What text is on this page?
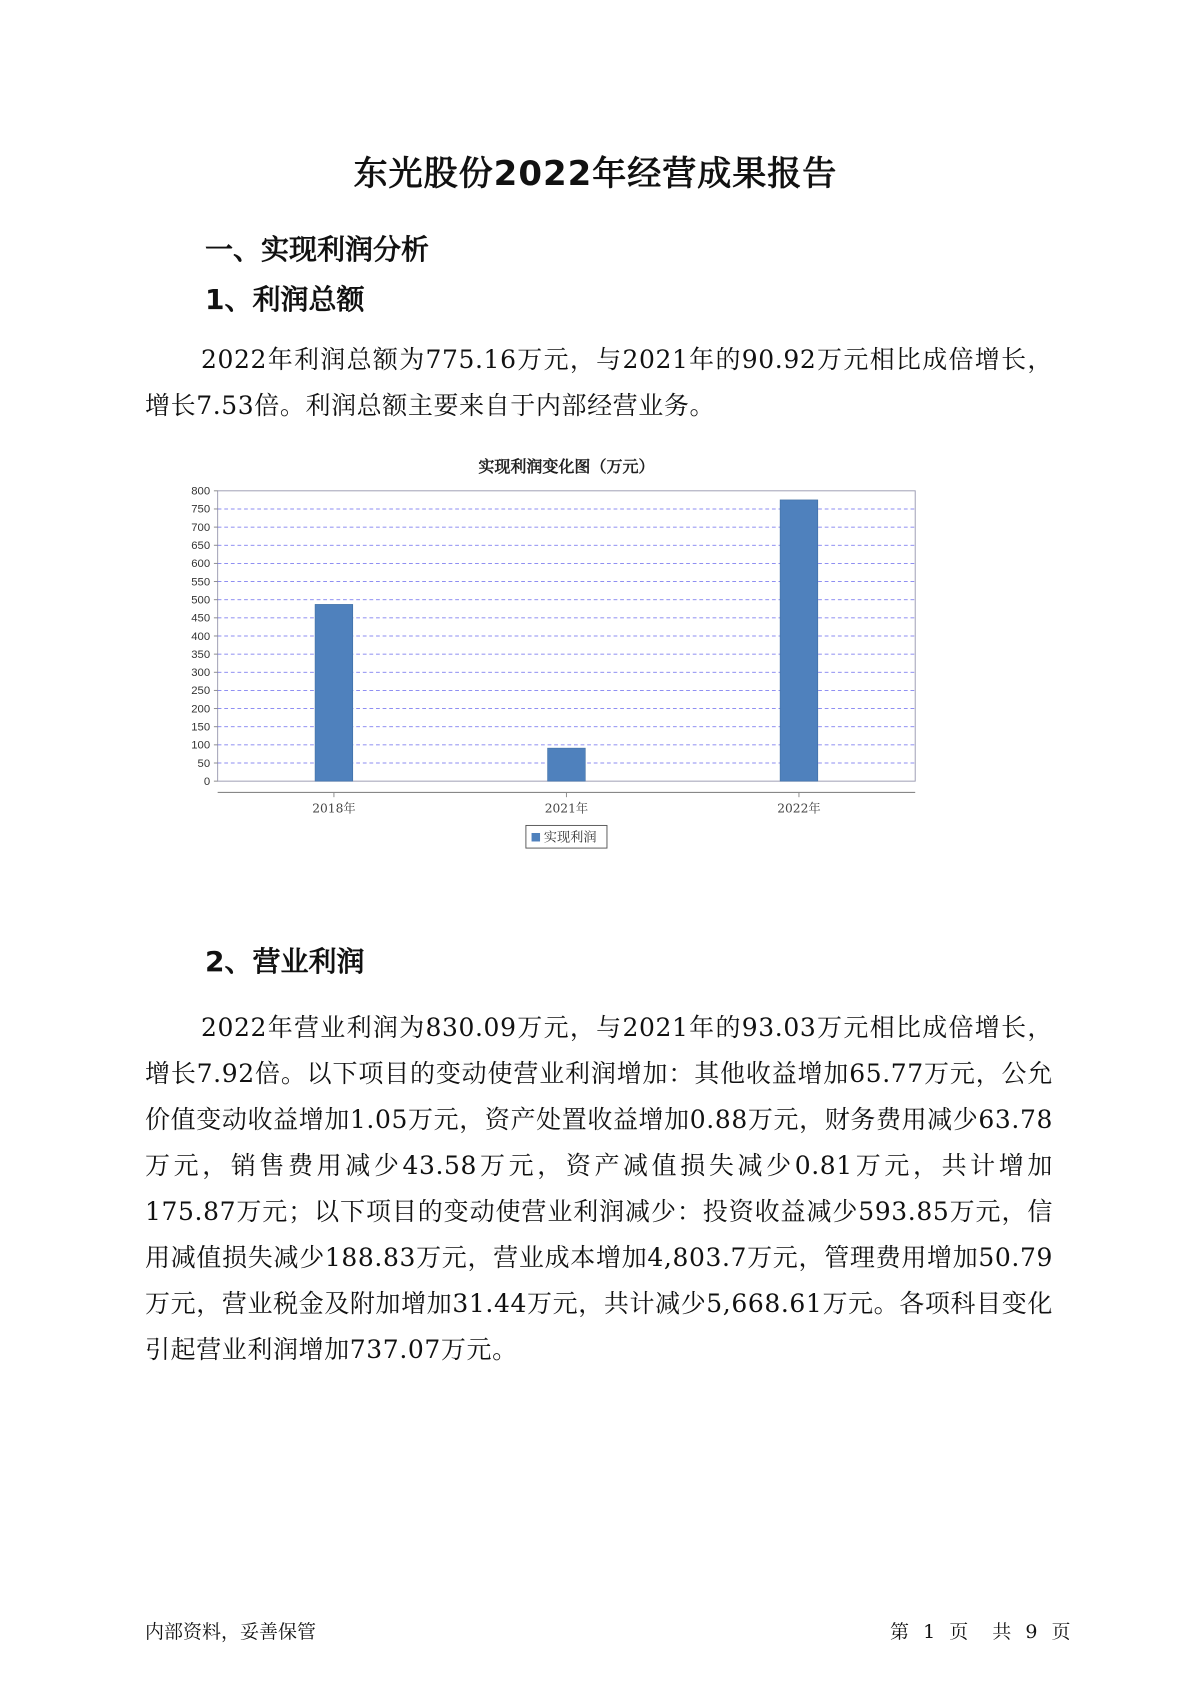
东光股份2022年经营成果报告
一、实现利润分析
1、利润总额

2022年利润总额为775.16万元，与2021年的90.92万元相比成倍增长，增长7.53倍。利润总额主要来自于内部经营业务。

实现利润变化图（万元）
0
50
100
150
200
250
300
350
400
450
500
550
600
650
700
750
800
2018年	2021年	2022年
实现利润
2、营业利润

2022年营业利润为830.09万元，与2021年的93.03万元相比成倍增长，增长7.92倍。以下项目的变动使营业利润增加：其他收益增加65.77万元，公允价值变动收益增加1.05万元，资产处置收益增加0.88万元，财务费用减少63.78万元，销售费用减少43.58万元，资产减值损失减少0.81万元，共计增加175.87万元；以下项目的变动使营业利润减少：投资收益减少593.85万元，信用减值损失减少188.83万元，营业成本增加4,803.7万元，管理费用增加50.79万元，营业税金及附加增加31.44万元，共计减少5,668.61万元。各项科目变化引起营业利润增加737.07万元。

内部资料，妥善保管	第 1 页 共 9 页
